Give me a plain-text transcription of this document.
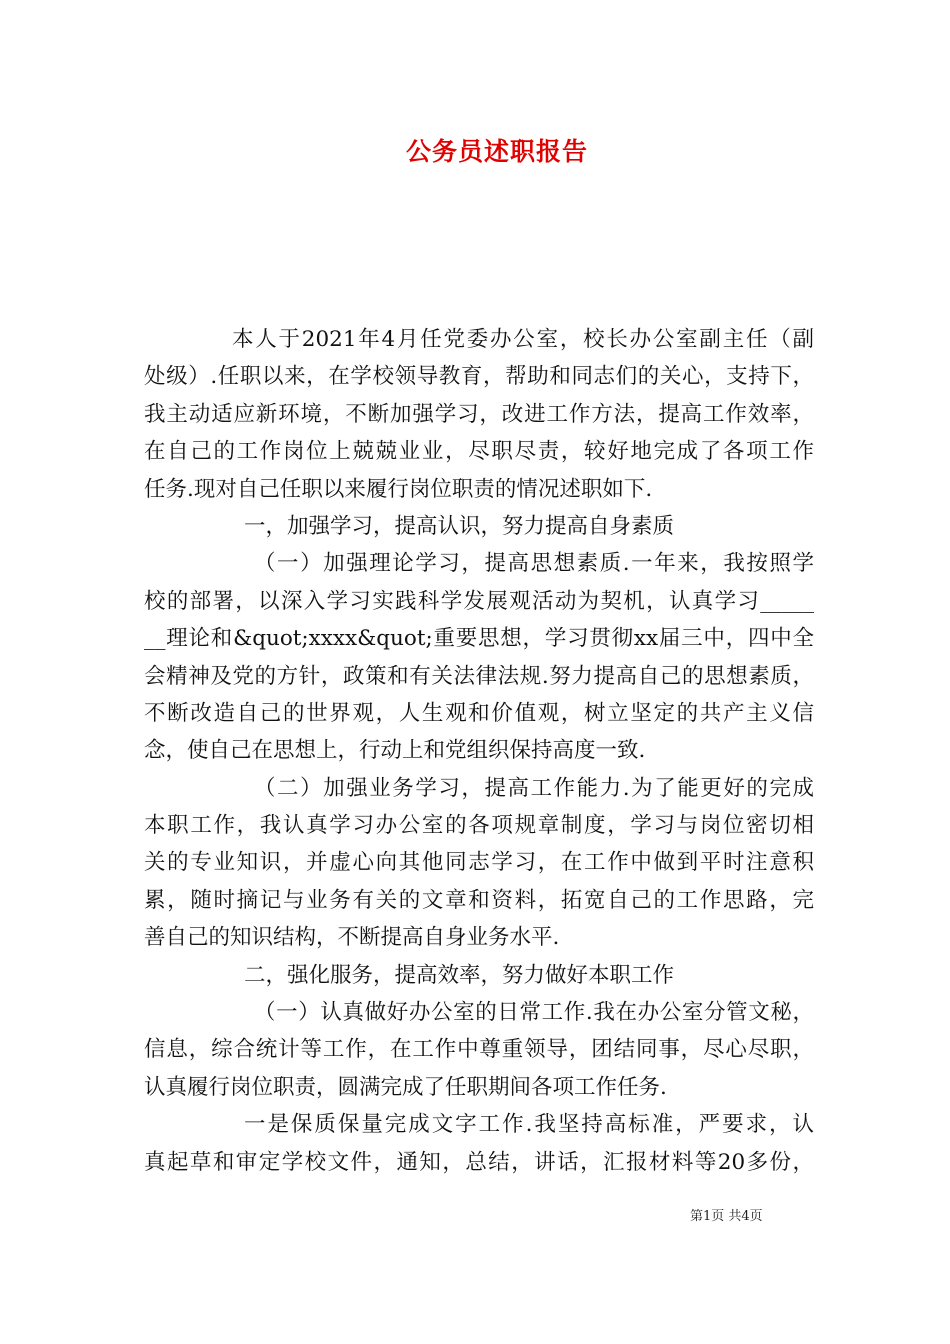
公务员述职报告
本人于2021年4月任党委办公室，校长办公室副主任（副
处级）.任职以来，在学校领导教育，帮助和同志们的关心，支持下，
我主动适应新环境，不断加强学习，改进工作方法，提高工作效率，
在自己的工作岗位上兢兢业业，尽职尽责，较好地完成了各项工作
任务.现对自己任职以来履行岗位职责的情况述职如下.
一，加强学习，提高认识，努力提高自身素质
（一）加强理论学习，提高思想素质.一年来，我按照学
校的部署，以深入学习实践科学发展观活动为契机，认真学习_____
__理论和&quot;xxxx&quot;重要思想，学习贯彻xx届三中，四中全
会精神及党的方针，政策和有关法律法规.努力提高自己的思想素质，
不断改造自己的世界观，人生观和价值观，树立坚定的共产主义信
念，使自己在思想上，行动上和党组织保持高度一致.
（二）加强业务学习，提高工作能力.为了能更好的完成
本职工作，我认真学习办公室的各项规章制度，学习与岗位密切相
关的专业知识，并虚心向其他同志学习，在工作中做到平时注意积
累，随时摘记与业务有关的文章和资料，拓宽自己的工作思路，完
善自己的知识结构，不断提高自身业务水平.
二，强化服务，提高效率，努力做好本职工作
（一）认真做好办公室的日常工作.我在办公室分管文秘，
信息，综合统计等工作，在工作中尊重领导，团结同事，尽心尽职，
认真履行岗位职责，圆满完成了任职期间各项工作任务.
一是保质保量完成文字工作.我坚持高标准，严要求，认
真起草和审定学校文件，通知，总结，讲话，汇报材料等20多份，
第1页 共4页
